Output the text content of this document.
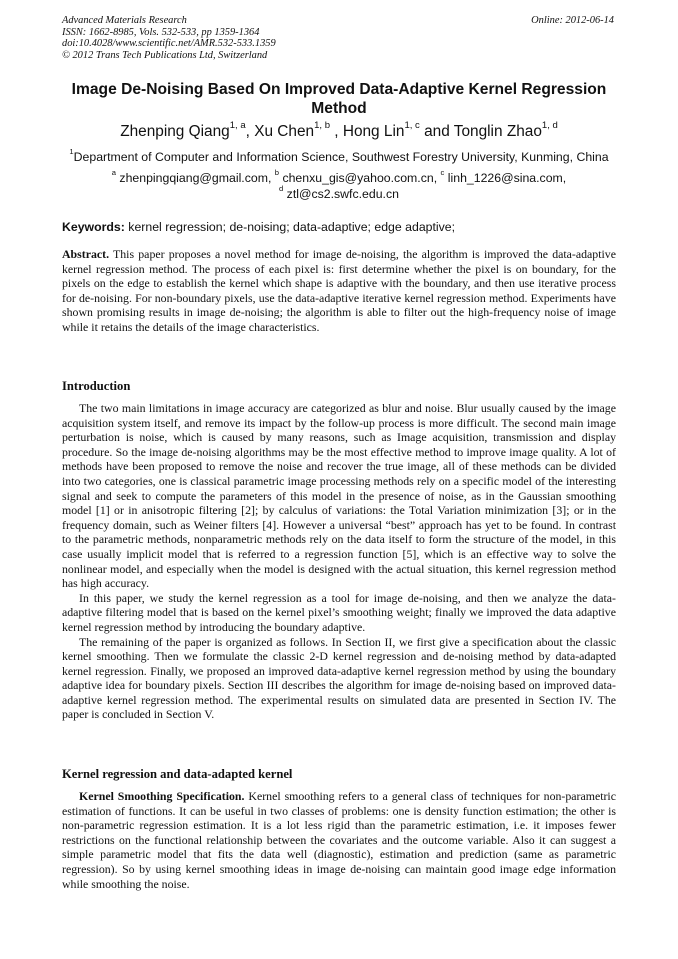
Advanced Materials Research
ISSN: 1662-8985, Vols. 532-533, pp 1359-1364
doi:10.4028/www.scientific.net/AMR.532-533.1359
© 2012 Trans Tech Publications Ltd, Switzerland
Online: 2012-06-14
Image De-Noising Based On Improved Data-Adaptive Kernel Regression
Method
Zhenping Qiang$^{1, a}$, Xu Chen$^{1, b}$ , Hong Lin$^{1, c}$ and Tonglin Zhao$^{1, d}$
$^1$Department of Computer and Information Science, Southwest Forestry University, Kunming, China
$^a$ zhenpingqiang@gmail.com, $^b$ chenxu_gis@yahoo.com.cn, $^c$ linh_1226@sina.com,
$^d$ ztl@cs2.swfc.edu.cn
Keywords: kernel regression; de-noising; data-adaptive; edge adaptive;
Abstract. This paper proposes a novel method for image de-noising, the algorithm is improved the data-adaptive kernel regression method. The process of each pixel is: first determine whether the pixel is on boundary, for the pixels on the edge to establish the kernel which shape is adaptive with the boundary, and then use iterative process for de-noising. For non-boundary pixels, use the data-adaptive iterative kernel regression method. Experiments have shown promising results in image de-noising; the algorithm is able to filter out the high-frequency noise of image while it retains the details of the image characteristics.
Introduction

The two main limitations in image accuracy are categorized as blur and noise. Blur usually caused by the image acquisition system itself, and remove its impact by the follow-up process is more difficult. The second main image perturbation is noise, which is caused by many reasons, such as Image acquisition, transmission and display procedure. So the image de-noising algorithms may be the most effective method to improve image quality. A lot of methods have been proposed to remove the noise and recover the true image, all of these methods can be divided into two categories, one is classical parametric image processing methods rely on a specific model of the interesting signal and seek to compute the parameters of this model in the presence of noise, as in the Gaussian smoothing model [1] or in anisotropic filtering [2]; by calculus of variations: the Total Variation minimization [3]; or in the frequency domain, such as Weiner filters [4]. However a universal “best” approach has yet to be found. In contrast to the parametric methods, nonparametric methods rely on the data itself to form the structure of the model, in this case usually implicit model that is referred to a regression function [5], which is an effective way to solve the nonlinear model, and especially when the model is designed with the actual situation, this kernel regression method has high accuracy.

In this paper, we study the kernel regression as a tool for image de-noising, and then we analyze the data-adaptive filtering model that is based on the kernel pixel’s smoothing weight; finally we improved the data adaptive kernel regression method by introducing the boundary adaptive.

The remaining of the paper is organized as follows. In Section II, we first give a specification about the classic kernel smoothing. Then we formulate the classic 2-D kernel regression and de-noising method by data-adapted kernel regression. Finally, we proposed an improved data-adaptive kernel regression method by using the boundary adaptive idea for boundary pixels. Section III describes the algorithm for image de-noising based on improved data-adaptive kernel regression method. The experimental results on simulated data are presented in Section IV. The paper is concluded in Section V.

Kernel regression and data-adapted kernel

Kernel Smoothing Specification. Kernel smoothing refers to a general class of techniques for non-parametric estimation of functions. It can be useful in two classes of problems: one is density function estimation; the other is non-parametric regression estimation. It is a lot less rigid than the parametric estimation, i.e. it imposes fewer restrictions on the functional relationship between the covariates and the outcome variable. Also it can suggest a simple parametric model that fits the data well (diagnostic), estimation and prediction (same as parametric regression). So by using kernel smoothing ideas in image de-noising can maintain good image edge information while smoothing the noise.
